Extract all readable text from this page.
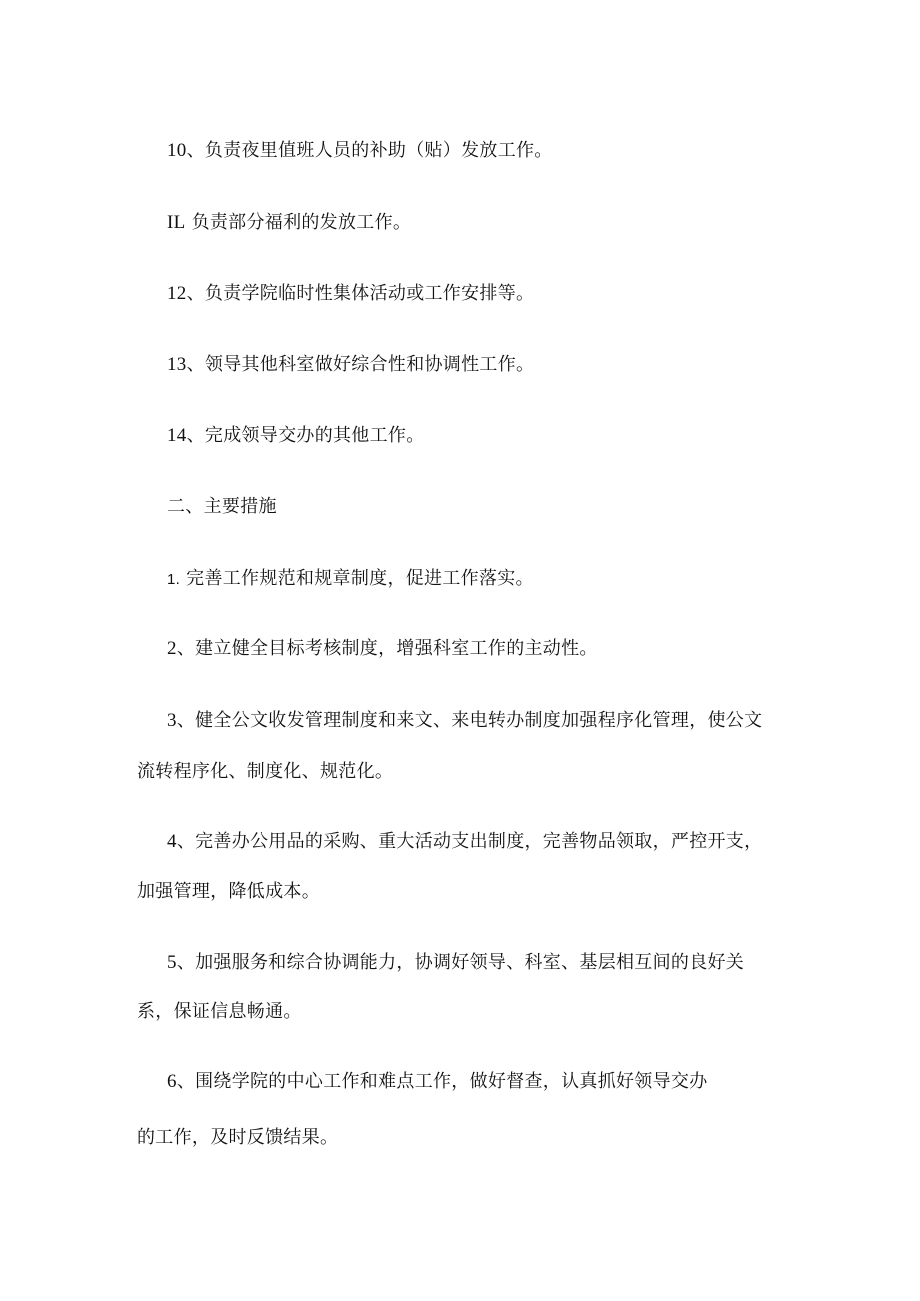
10、负责夜里值班人员的补助（贴）发放工作。
IL 负责部分福利的发放工作。
12、负责学院临时性集体活动或工作安排等。
13、领导其他科室做好综合性和协调性工作。
14、完成领导交办的其他工作。
二、主要措施
1. 完善工作规范和规章制度，促进工作落实。
2、建立健全目标考核制度，增强科室工作的主动性。
3、健全公文收发管理制度和来文、来电转办制度加强程序化管理，使公文
流转程序化、制度化、规范化。
4、完善办公用品的采购、重大活动支出制度，完善物品领取，严控开支，
加强管理，降低成本。
5、加强服务和综合协调能力，协调好领导、科室、基层相互间的良好关
系，保证信息畅通。
6、围绕学院的中心工作和难点工作，做好督查，认真抓好领导交办
的工作，及时反馈结果。
